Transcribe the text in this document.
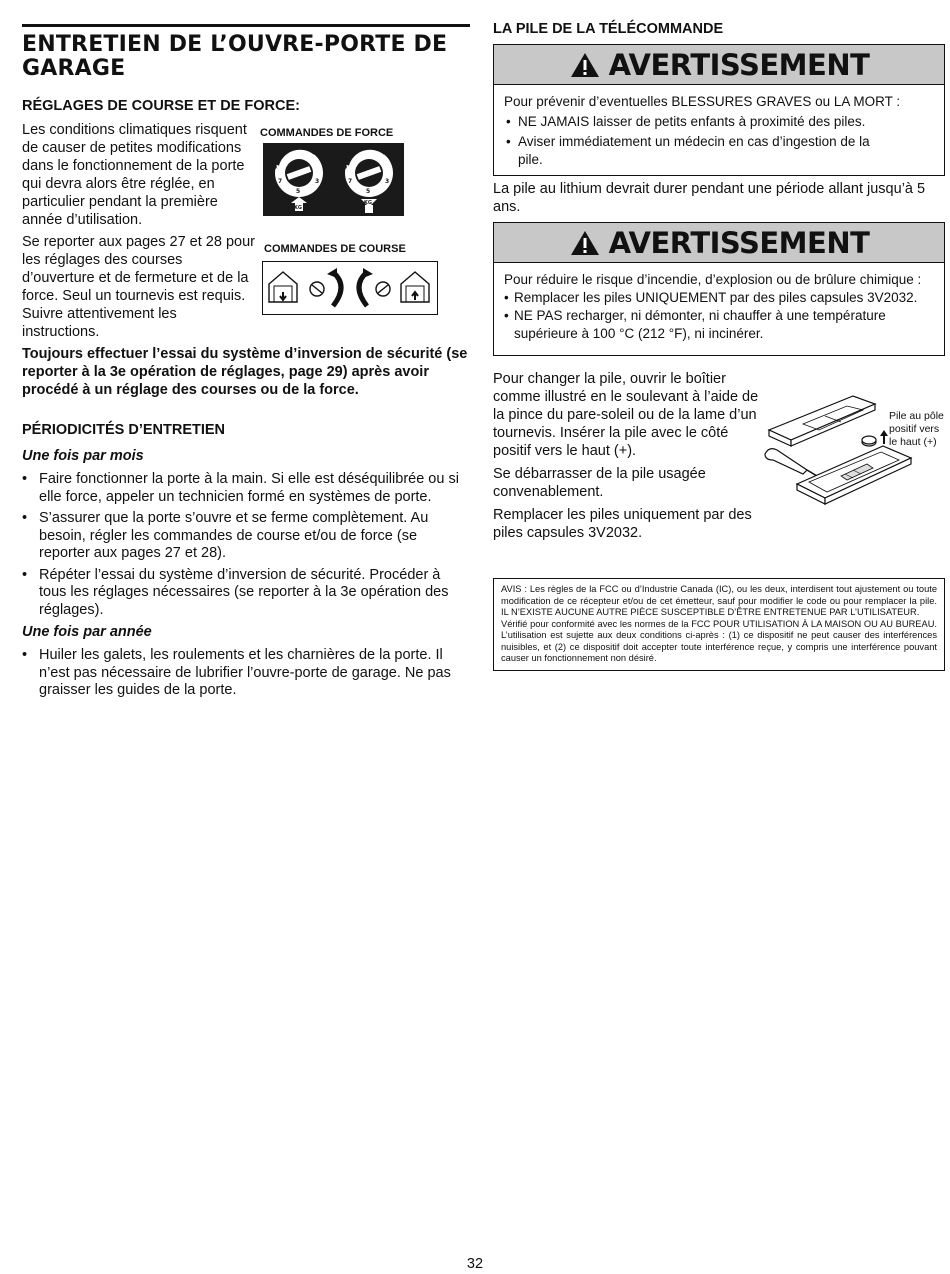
ENTRETIEN DE L’OUVRE-PORTE DE GARAGE
RÉGLAGES DE COURSE ET DE FORCE:

Les conditions climatiques risquent de causer de petites modifications dans le fonctionnement de la porte qui devra alors être réglée, en particulier pendant la première année d’utilisation.

Se reporter aux pages 27 et 28 pour les réglages des courses d’ouverture et de fermeture et de la force. Seul un tournevis est requis. Suivre attentivement les instructions.

COMMANDES DE FORCE
9
7
5
3
KG
9
7
5
3
KG
COMMANDES DE COURSE

Toujours effectuer l’essai du système d’inversion de sécurité (se reporter à la 3e opération de réglages, page 29) après avoir procédé à un réglage des courses ou de la force.

PÉRIODICITÉS D’ENTRETIEN
Une fois par mois
• Faire fonctionner la porte à la main. Si elle est déséquilibrée ou si elle force, appeler un technicien formé en systèmes de porte.
• S’assurer que la porte s’ouvre et se ferme complètement. Au besoin, régler les commandes de course et/ou de force (se reporter aux pages 27 et 28).
• Répéter l’essai du système d’inversion de sécurité. Procéder à tous les réglages nécessaires (se reporter à la 3e opération des réglages).
Une fois par année
• Huiler les galets, les roulements et les charnières de la porte. Il n’est pas nécessaire de lubrifier l’ouvre-porte de garage. Ne pas graisser les guides de la porte.
LA PILE DE LA TÉLÉCOMMANDE
AVERTISSEMENT
Pour prévenir d’eventuelles BLESSURES GRAVES ou LA MORT :
• NE JAMAIS laisser de petits enfants à proximité des piles.
• Aviser immédiatement un médecin en cas d’ingestion de la pile.

La pile au lithium devrait durer pendant une période allant jusqu’à 5 ans.

AVERTISSEMENT
Pour réduire le risque d’incendie, d’explosion ou de brûlure chimique :
• Remplacer les piles UNIQUEMENT par des piles capsules 3V2032.
• NE PAS recharger, ni démonter, ni chauffer à une température supérieure à 100 °C (212 °F), ni incinérer.

Pour changer la pile, ouvrir le boîtier comme illustré en le soulevant à l’aide de la pince du pare-soleil ou de la lame d’un tournevis. Insérer la pile avec le côté positif vers le haut (+).

Se débarrasser de la pile usagée convenablement.

Remplacer les piles uniquement par des piles capsules 3V2032.

Pile au pôle positif vers le haut (+)
AVIS : Les règles de la FCC ou d’Industrie Canada (IC), ou les deux, interdisent tout ajustement ou toute modification de ce récepteur et/ou de cet émetteur, sauf pour modifier le code ou pour remplacer la pile. IL N’EXISTE AUCUNE AUTRE PIÈCE SUSCEPTIBLE D’ÊTRE ENTRETENUE PAR L’UTILISATEUR.
Vérifié pour conformité avec les normes de la FCC POUR UTILISATION À LA MAISON OU AU BUREAU. L’utilisation est sujette aux deux conditions ci-après : (1) ce dispositif ne peut causer des interférences nuisibles, et (2) ce dispositif doit accepter toute interférence reçue, y compris une interférence pouvant causer un fonctionnement non désiré.
32
